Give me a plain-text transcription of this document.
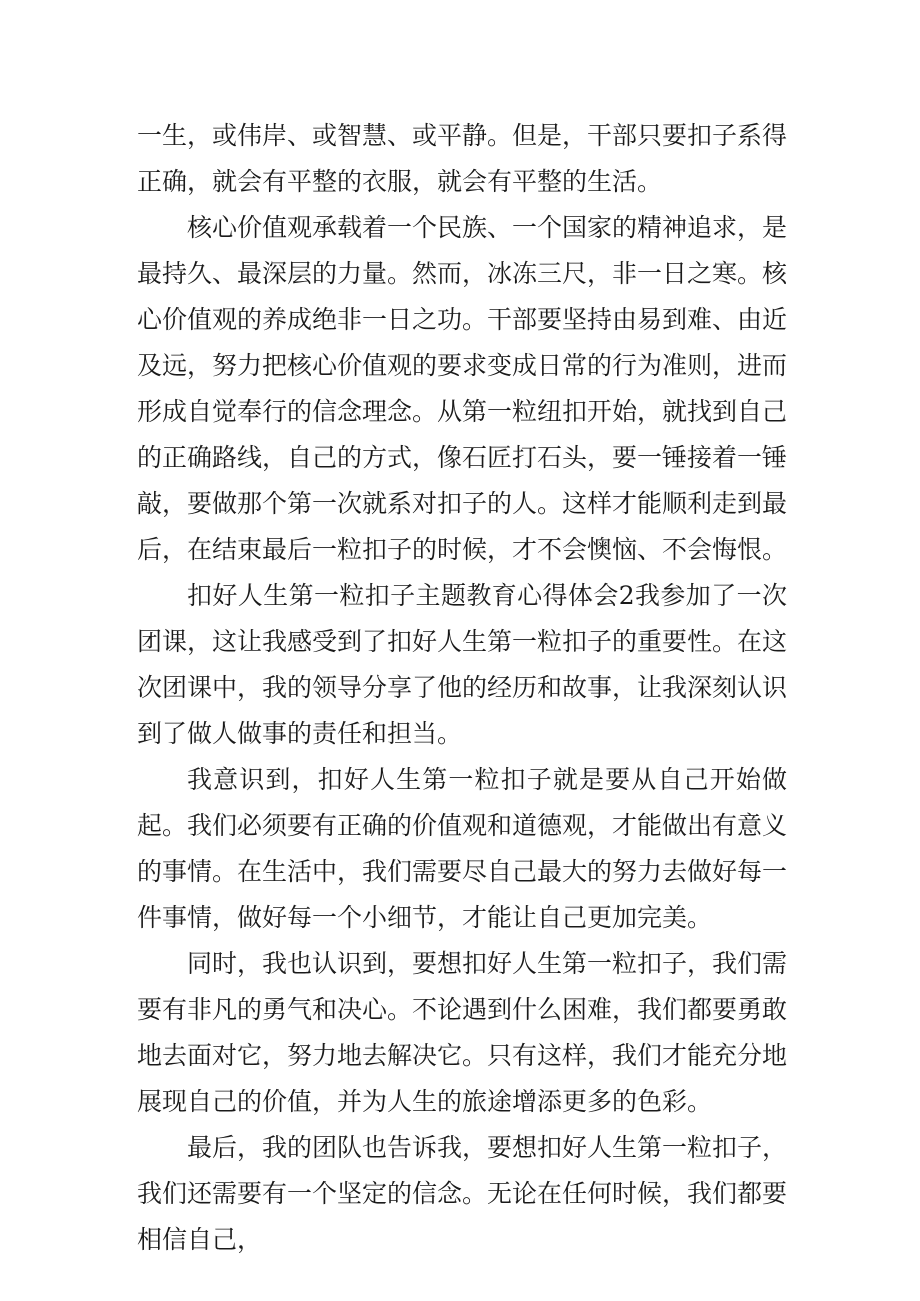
一生，或伟岸、或智慧、或平静。但是，干部只要扣子系得正确，就会有平整的衣服，就会有平整的生活。

核心价值观承载着一个民族、一个国家的精神追求，是最持久、最深层的力量。然而，冰冻三尺，非一日之寒。核心价值观的养成绝非一日之功。干部要坚持由易到难、由近及远，努力把核心价值观的要求变成日常的行为准则，进而形成自觉奉行的信念理念。从第一粒纽扣开始，就找到自己的正确路线，自己的方式，像石匠打石头，要一锤接着一锤敲，要做那个第一次就系对扣子的人。这样才能顺利走到最后，在结束最后一粒扣子的时候，才不会懊恼、不会悔恨。

扣好人生第一粒扣子主题教育心得体会2我参加了一次团课，这让我感受到了扣好人生第一粒扣子的重要性。在这次团课中，我的领导分享了他的经历和故事，让我深刻认识到了做人做事的责任和担当。

我意识到，扣好人生第一粒扣子就是要从自己开始做起。我们必须要有正确的价值观和道德观，才能做出有意义的事情。在生活中，我们需要尽自己最大的努力去做好每一件事情，做好每一个小细节，才能让自己更加完美。

同时，我也认识到，要想扣好人生第一粒扣子，我们需要有非凡的勇气和决心。不论遇到什么困难，我们都要勇敢地去面对它，努力地去解决它。只有这样，我们才能充分地展现自己的价值，并为人生的旅途增添更多的色彩。

最后，我的团队也告诉我，要想扣好人生第一粒扣子，我们还需要有一个坚定的信念。无论在任何时候，我们都要相信自己，
